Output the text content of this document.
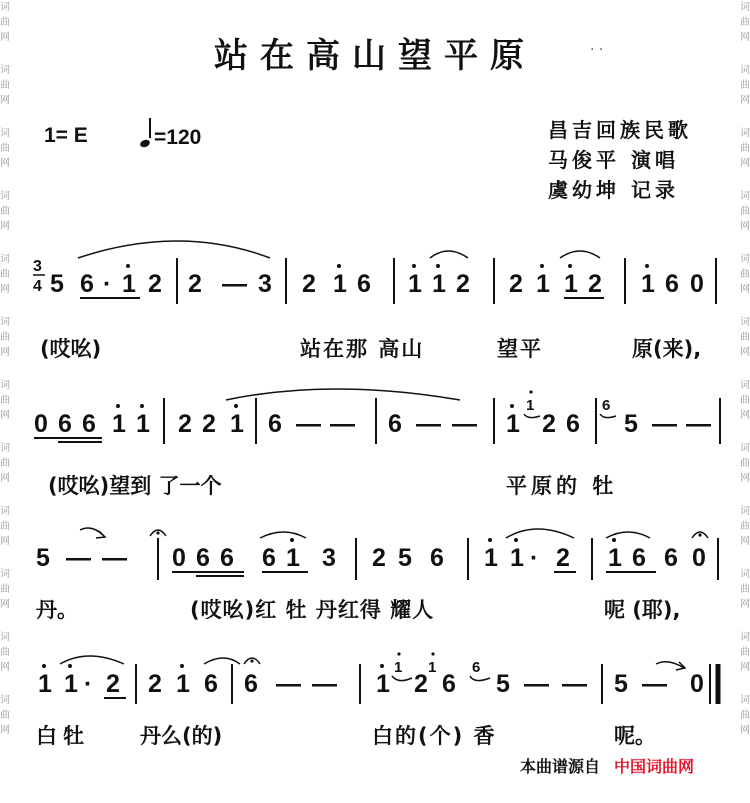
词曲网
词曲网
词曲网
词曲网
词曲网
词曲网
词曲网
词曲网
词曲网
词曲网
词曲网
词曲网
词曲网
词曲网
词曲网
词曲网
词曲网
词曲网
词曲网
词曲网
词曲网
词曲网
词曲网
词曲网
站在高山望平原	· ·
1= E	=120	昌吉回族民歌
马俊平 演唱
虞幼坤 记录
3
4 5 6 · 1 2 2 — 3 2 1 6 1 1 2 2 1 1 2 1 6 0
0 6 6 1 1 2 2 1 6 — — 6 — — 1 2 6 5 — —
1	6
5 — — 0 6 6 6 1 3 2 5 6 1 1 · 2 1 6 6 0
1 1 · 2 2 1 6 6 — — 1 2 6 5 — — 5 — 0
1 1 6
(哎吆)	站在那 高山	望平	原(来),
(哎吆)望到 了一个	平原的 牡
丹。	(哎吆)红 牡 丹红得 耀人	呢 (耶),
白牡 丹么(的)	白的(个) 香	呢。
本曲谱源自 中国词曲网
